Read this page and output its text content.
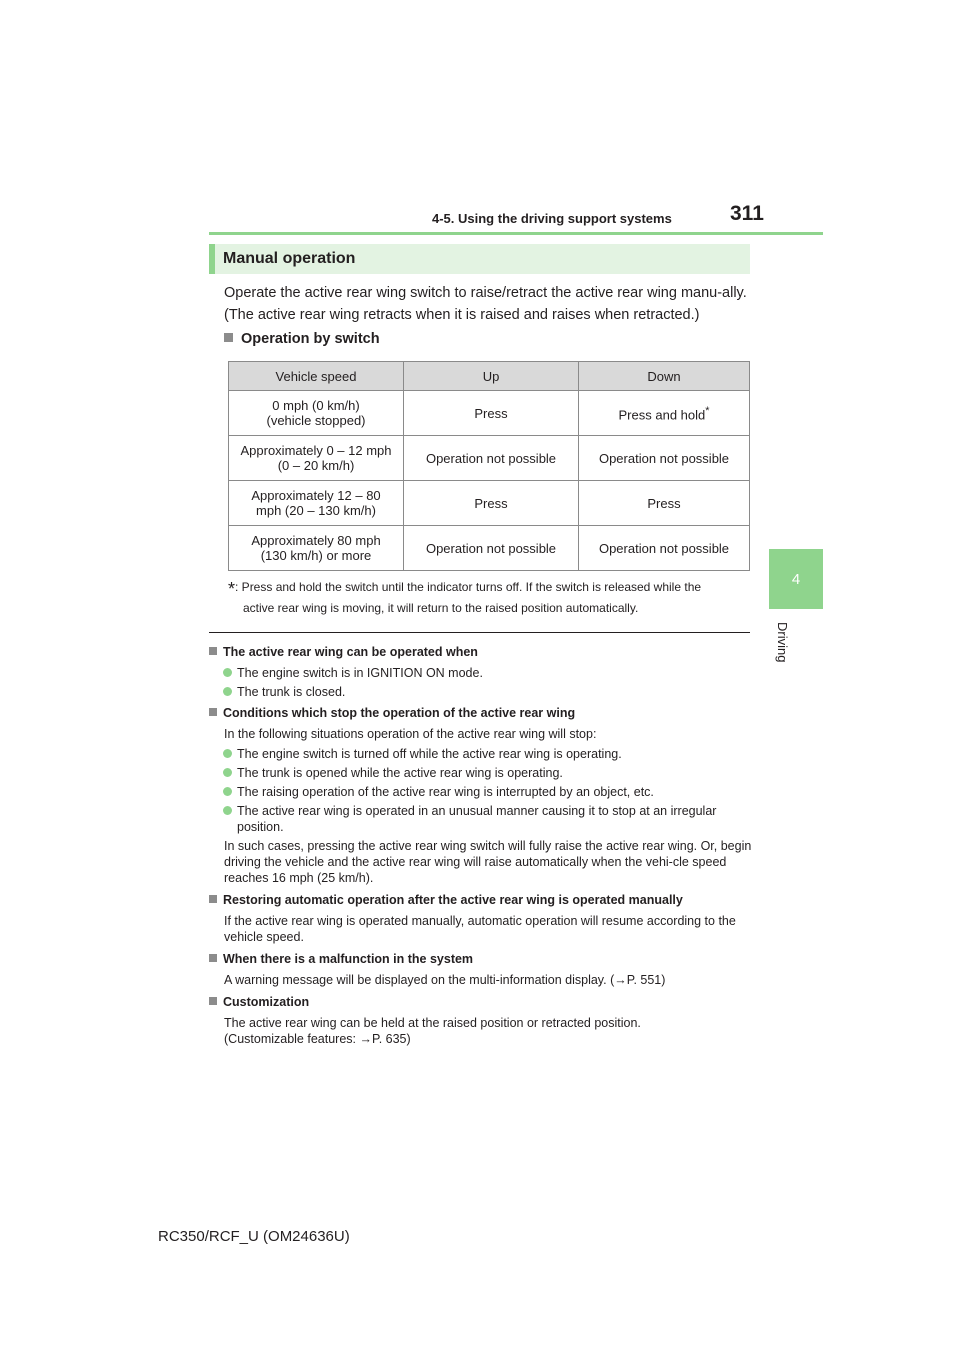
4-5. Using the driving support systems	311
4
Driving
Manual operation
Operate the active rear wing switch to raise/retract the active rear wing manu-ally. (The active rear wing retracts when it is raised and raises when retracted.)
Operation by switch
Vehicle speed	Up	Down
0 mph (0 km/h)
(vehicle stopped)	Press	Press and hold*
Approximately 0 – 12 mph
(0 – 20 km/h)	Operation not possible	Operation not possible
Approximately 12 – 80
mph (20 – 130 km/h)	Press	Press
Approximately 80 mph
(130 km/h) or more	Operation not possible	Operation not possible
*: Press and hold the switch until the indicator turns off. If the switch is released while the
active rear wing is moving, it will return to the raised position automatically.
The active rear wing can be operated when
The engine switch is in IGNITION ON mode.
The trunk is closed.
Conditions which stop the operation of the active rear wing
In the following situations operation of the active rear wing will stop:
The engine switch is turned off while the active rear wing is operating.
The trunk is opened while the active rear wing is operating.
The raising operation of the active rear wing is interrupted by an object, etc.
The active rear wing is operated in an unusual manner causing it to stop at an irregular position.
In such cases, pressing the active rear wing switch will fully raise the active rear wing. Or, begin driving the vehicle and the active rear wing will raise automatically when the vehi-cle speed reaches 16 mph (25 km/h).
Restoring automatic operation after the active rear wing is operated manually
If the active rear wing is operated manually, automatic operation will resume according to the vehicle speed.
When there is a malfunction in the system
A warning message will be displayed on the multi-information display. (→P. 551)
Customization
The active rear wing can be held at the raised position or retracted position.
(Customizable features: →P. 635)
RC350/RCF_U (OM24636U)
